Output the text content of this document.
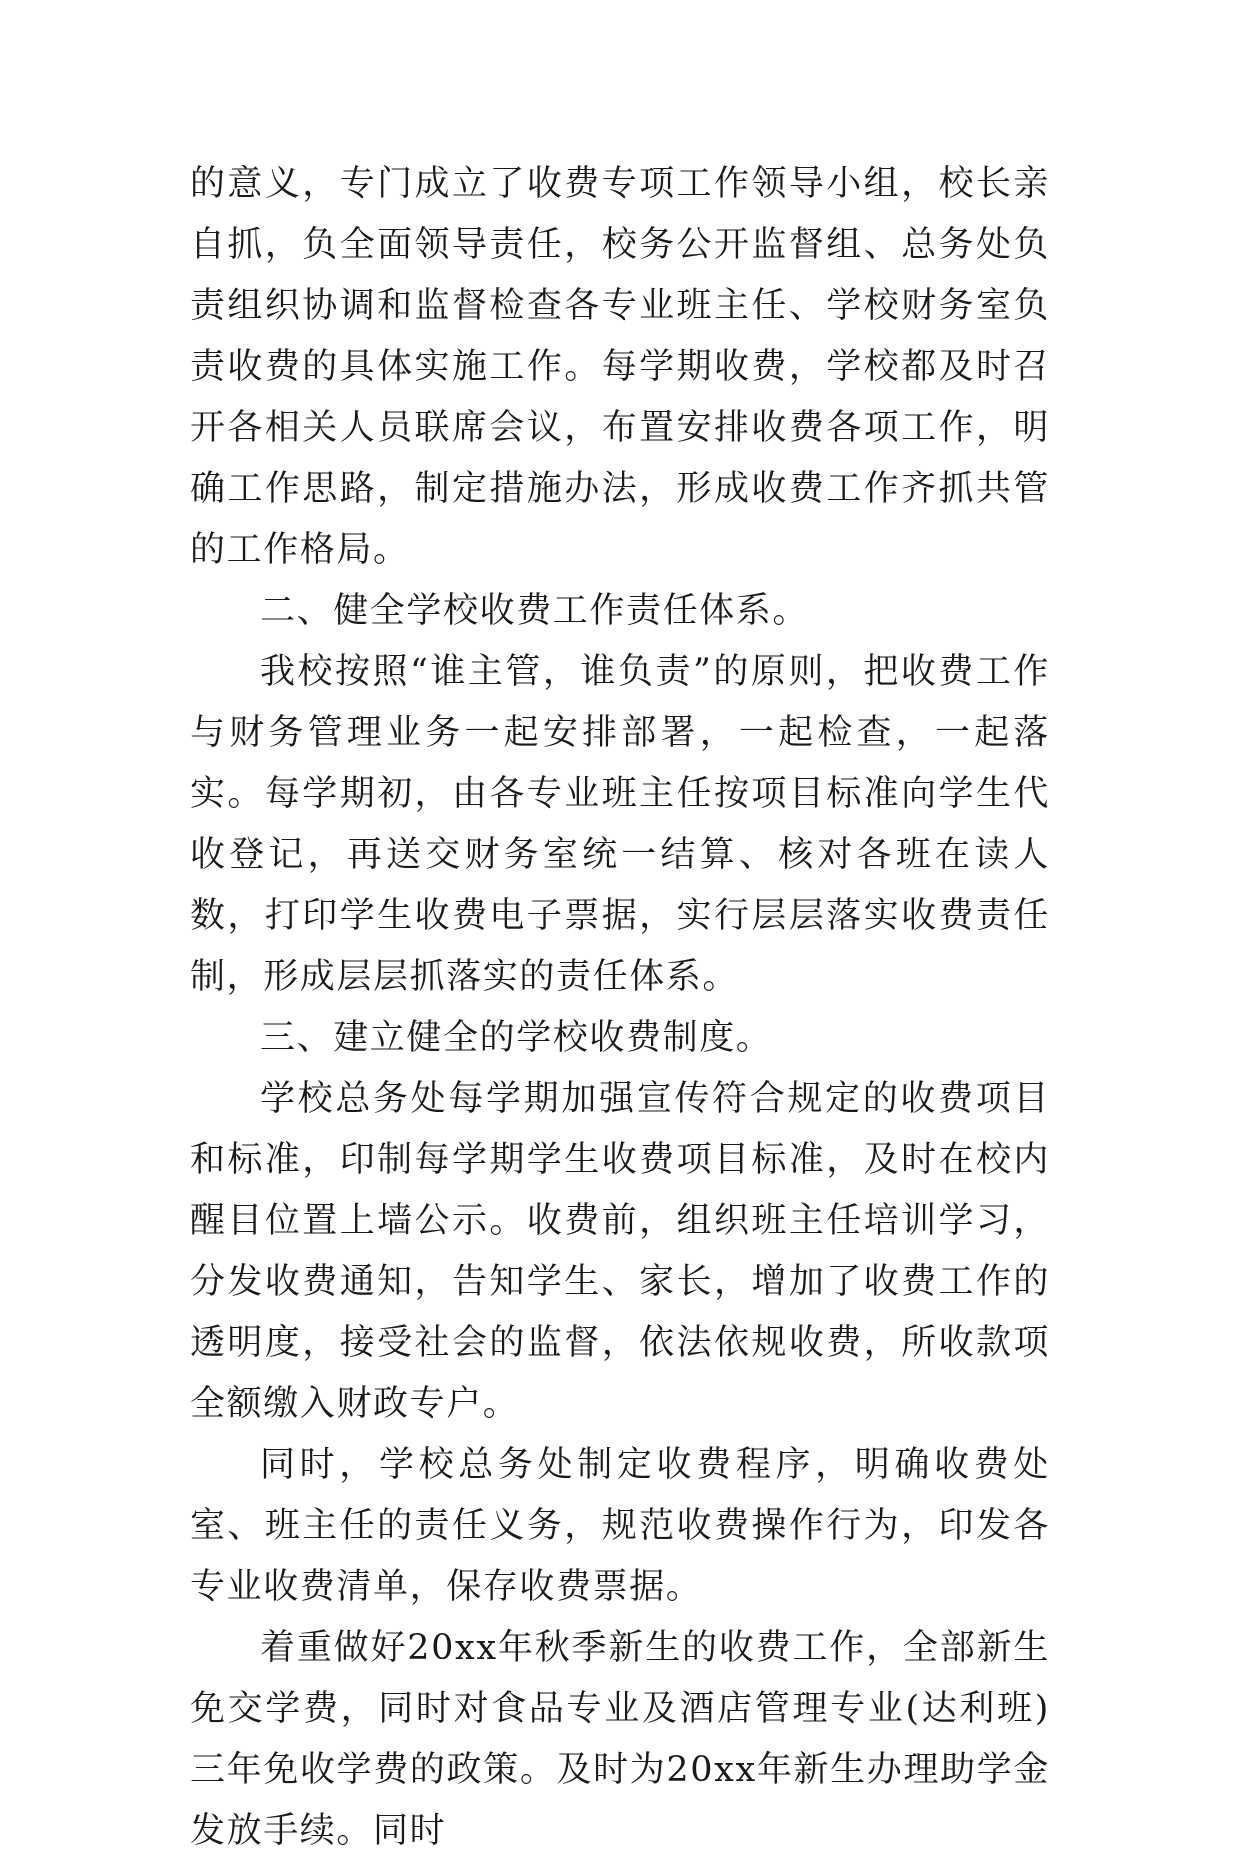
的意义，专门成立了收费专项工作领导小组，校长亲自抓，负全面领导责任，校务公开监督组、总务处负责组织协调和监督检查各专业班主任、学校财务室负责收费的具体实施工作。每学期收费，学校都及时召开各相关人员联席会议，布置安排收费各项工作，明确工作思路，制定措施办法，形成收费工作齐抓共管的工作格局。

二、健全学校收费工作责任体系。

我校按照“谁主管，谁负责”的原则，把收费工作与财务管理业务一起安排部署，一起检查，一起落实。每学期初，由各专业班主任按项目标准向学生代收登记，再送交财务室统一结算、核对各班在读人数，打印学生收费电子票据，实行层层落实收费责任制，形成层层抓落实的责任体系。

三、建立健全的学校收费制度。

学校总务处每学期加强宣传符合规定的收费项目和标准，印制每学期学生收费项目标准，及时在校内醒目位置上墙公示。收费前，组织班主任培训学习，分发收费通知，告知学生、家长，增加了收费工作的透明度，接受社会的监督，依法依规收费，所收款项全额缴入财政专户。

同时，学校总务处制定收费程序，明确收费处室、班主任的责任义务，规范收费操作行为，印发各专业收费清单，保存收费票据。

着重做好20xx年秋季新生的收费工作，全部新生免交学费，同时对食品专业及酒店管理专业(达利班)三年免收学费的政策。及时为20xx年新生办理助学金发放手续。同时
